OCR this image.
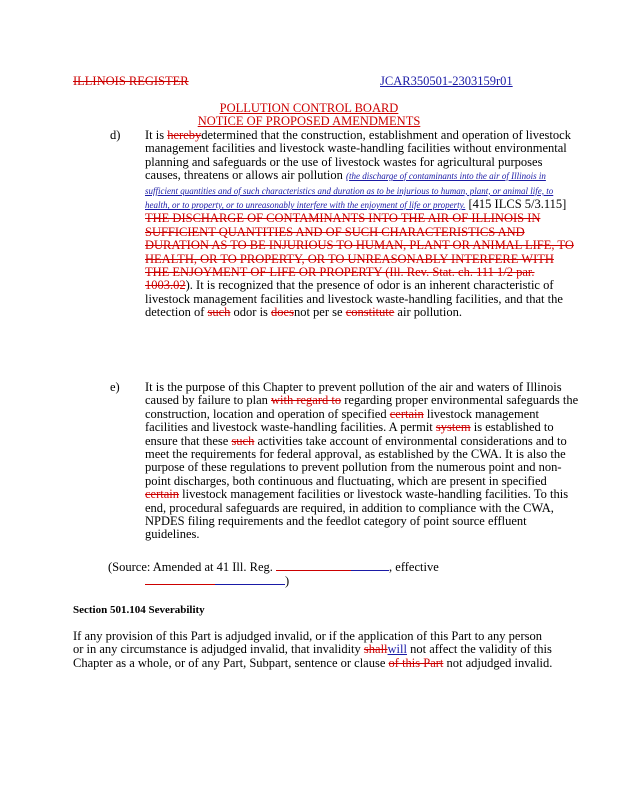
ILLINOIS REGISTER	JCAR350501-2303159r01
POLLUTION CONTROL BOARD
NOTICE OF PROPOSED AMENDMENTS
d) It is herebydetermined that the construction, establishment and operation of livestock management facilities and livestock waste-handling facilities without environmental planning and safeguards or the use of livestock wastes for agricultural purposes causes, threatens or allows air pollution (the discharge of contaminants into the air of Illinois in sufficient quantities and of such characteristics and duration as to be injurious to human, plant, or animal life, to health, or to property, or to unreasonably interfere with the enjoyment of life or property. [415 ILCS 5/3.115] THE DISCHARGE OF CONTAMINANTS INTO THE AIR OF ILLINOIS IN SUFFICIENT QUANTITIES AND OF SUCH CHARACTERISTICS AND DURATION AS TO BE INJURIOUS TO HUMAN, PLANT OR ANIMAL LIFE, TO HEALTH, OR TO PROPERTY, OR TO UNREASONABLY INTERFERE WITH THE ENJOYMENT OF LIFE OR PROPERTY (Ill. Rev. Stat. ch. 111 1/2 par. 1003.02). It is recognized that the presence of odor is an inherent characteristic of livestock management facilities and livestock waste-handling facilities, and that the detection of such odor is doesnot per se constitute air pollution.

e) It is the purpose of this Chapter to prevent pollution of the air and waters of Illinois caused by failure to plan with regard to regarding proper environmental safeguards the construction, location and operation of specified certain livestock management facilities and livestock waste-handling facilities. A permit system is established to ensure that these such activities take account of environmental considerations and to meet the requirements for federal approval, as established by the CWA. It is also the purpose of these regulations to prevent pollution from the numerous point and non-point discharges, both continuous and fluctuating, which are present in specified certain livestock management facilities or livestock waste-handling facilities. To this end, procedural safeguards are required, in addition to compliance with the CWA, NPDES filing requirements and the feedlot category of point source effluent guidelines.

(Source: Amended at 41 Ill. Reg.	, effective
)
Section 501.104 Severability

If any provision of this Part is adjudged invalid, or if the application of this Part to any person or in any circumstance is adjudged invalid, that invalidity shallwill not affect the validity of this Chapter as a whole, or of any Part, Subpart, sentence or clause of this Part not adjudged invalid.
